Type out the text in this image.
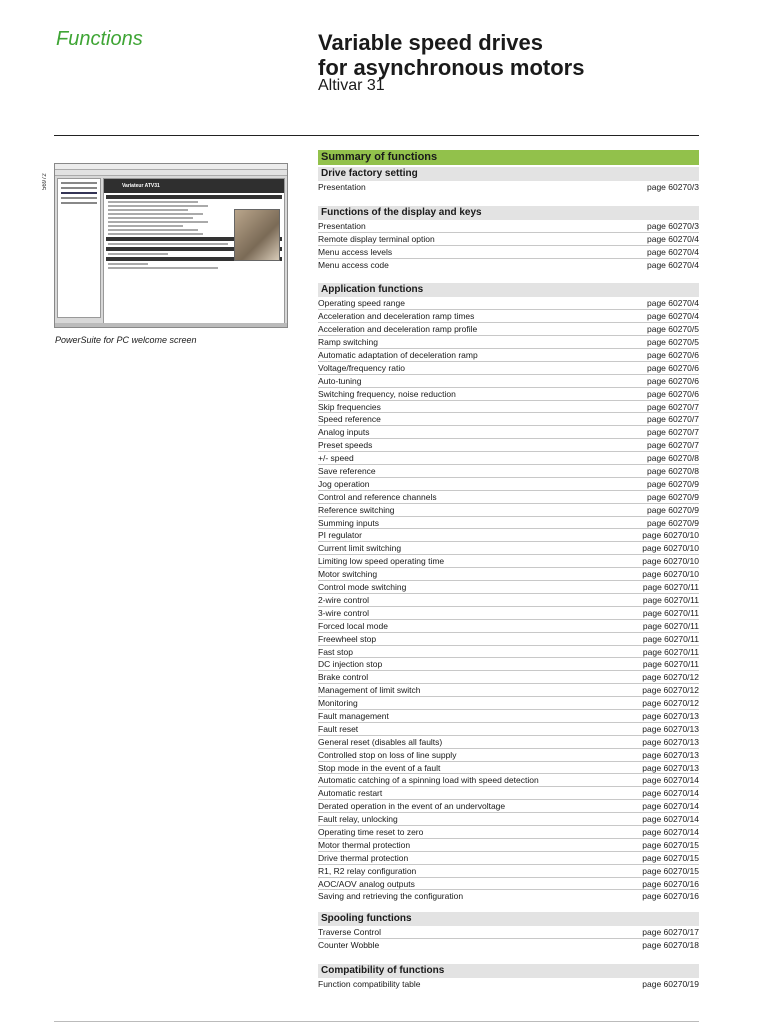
Functions	Variable speed drives
for asynchronous motors
Altivar 31
56972	Variateur ATV31
PowerSuite for PC welcome screen
Summary of functions
Drive factory setting
Presentation	page 60270/3
Functions of the display and keys
Presentation	page 60270/3
Remote display terminal option	page 60270/4
Menu access levels	page 60270/4
Menu access code	page 60270/4
Application functions
Operating speed range	page 60270/4
Acceleration and deceleration ramp times	page 60270/4
Acceleration and deceleration ramp profile	page 60270/5
Ramp switching	page 60270/5
Automatic adaptation of deceleration ramp	page 60270/6
Voltage/frequency ratio	page 60270/6
Auto-tuning	page 60270/6
Switching frequency, noise reduction	page 60270/6
Skip frequencies	page 60270/7
Speed reference	page 60270/7
Analog inputs	page 60270/7
Preset speeds	page 60270/7
+/- speed	page 60270/8
Save reference	page 60270/8
Jog operation	page 60270/9
Control and reference channels	page 60270/9
Reference switching	page 60270/9
Summing inputs	page 60270/9
PI regulator	page 60270/10
Current limit switching	page 60270/10
Limiting low speed operating time	page 60270/10
Motor switching	page 60270/10
Control mode switching	page 60270/11
2-wire control	page 60270/11
3-wire control	page 60270/11
Forced local mode	page 60270/11
Freewheel stop	page 60270/11
Fast stop	page 60270/11
DC injection stop	page 60270/11
Brake control	page 60270/12
Management of limit switch	page 60270/12
Monitoring	page 60270/12
Fault management	page 60270/13
Fault reset	page 60270/13
General reset (disables all faults)	page 60270/13
Controlled stop on loss of line supply	page 60270/13
Stop mode in the event of a fault	page 60270/13
Automatic catching of a spinning load with speed detection	page 60270/14
Automatic restart	page 60270/14
Derated operation in the event of an undervoltage	page 60270/14
Fault relay, unlocking	page 60270/14
Operating time reset to zero	page 60270/14
Motor thermal protection	page 60270/15
Drive thermal protection	page 60270/15
R1, R2 relay configuration	page 60270/15
AOC/AOV analog outputs	page 60270/16
Saving and retrieving the configuration	page 60270/16
Spooling functions
Traverse Control	page 60270/17
Counter Wobble	page 60270/18
Compatibility of functions
Function compatibility table	page 60270/19
